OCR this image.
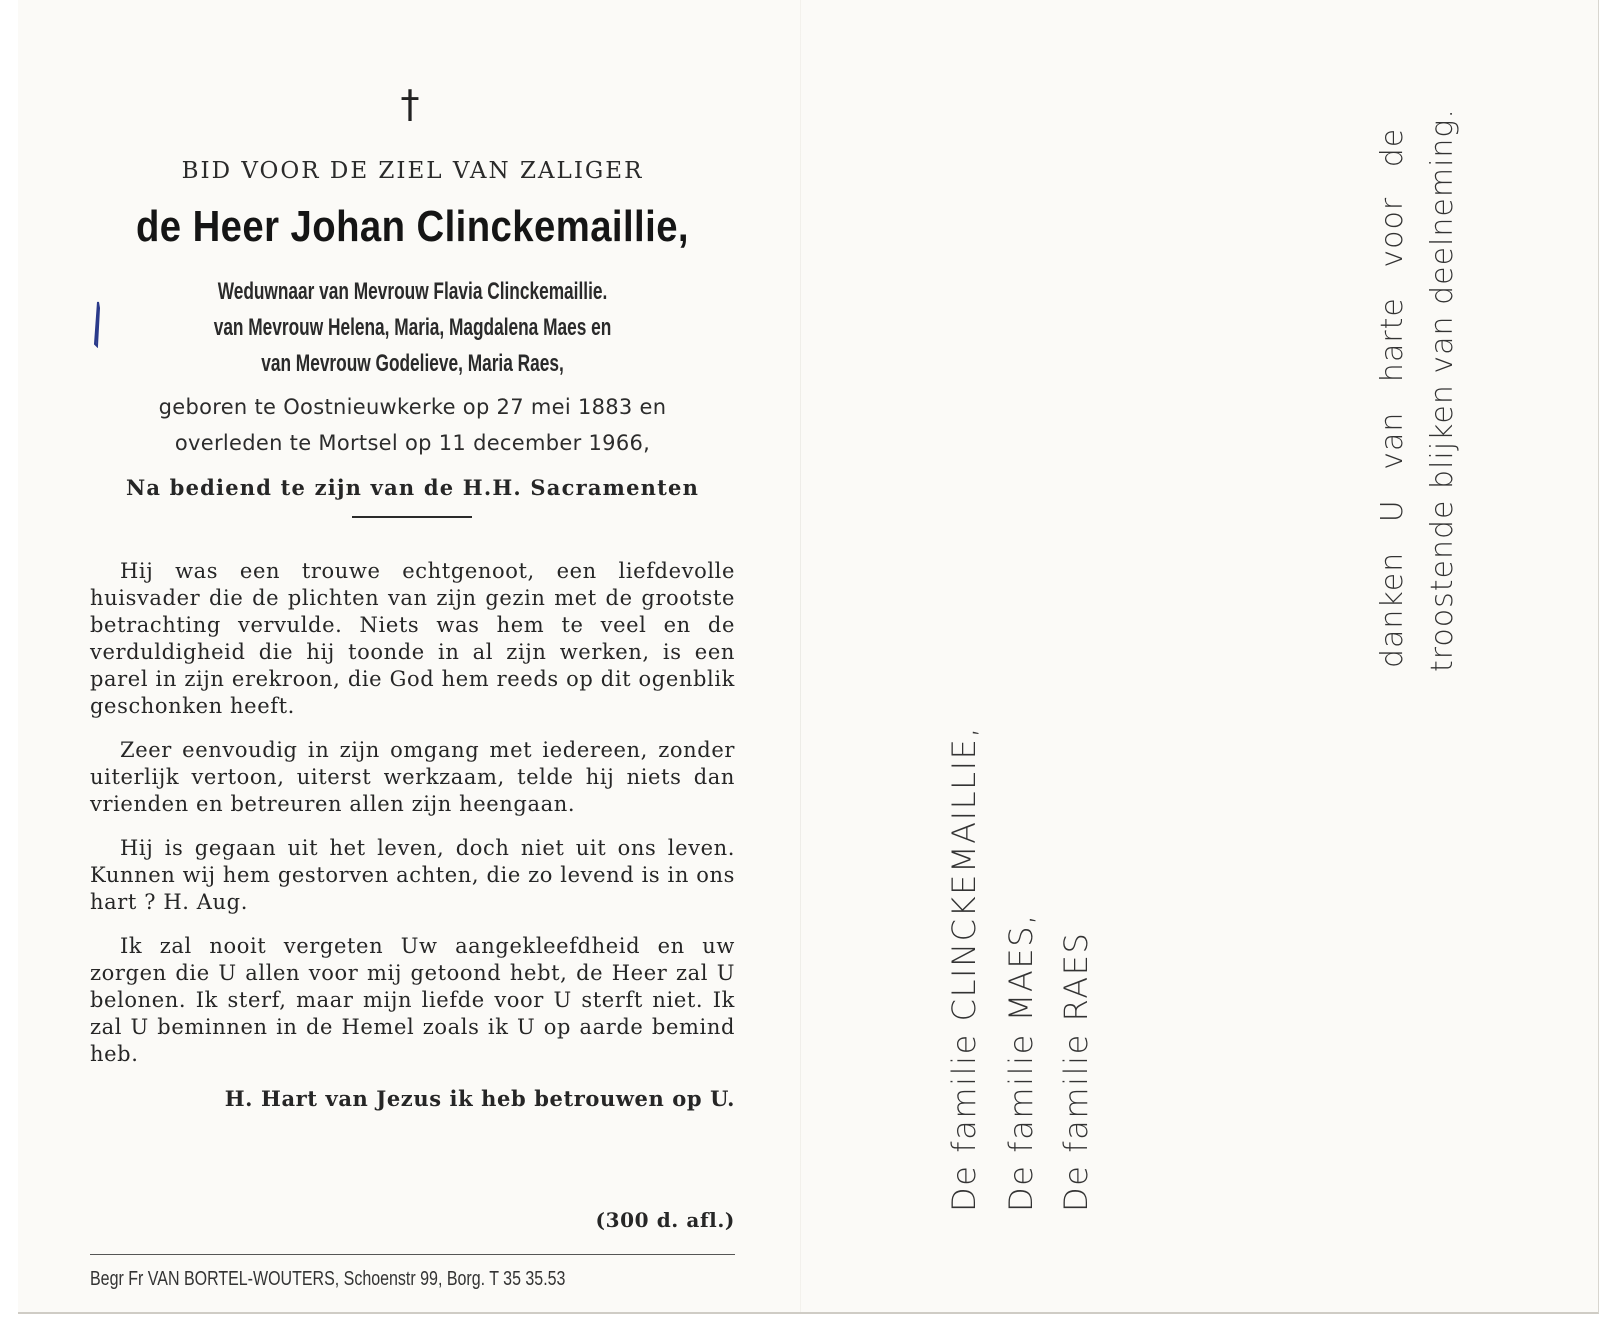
†
BID VOOR DE ZIEL VAN ZALIGER
de Heer Johan Clinckemaillie,
Weduwnaar van Mevrouw Flavia Clinckemaillie.
van Mevrouw Helena, Maria, Magdalena Maes en
van Mevrouw Godelieve, Maria Raes,
geboren te Oostnieuwkerke op 27 mei 1883 en
overleden te Mortsel op 11 december 1966,
Na bediend te zijn van de H.H. Sacramenten

Hij was een trouwe echtgenoot, een liefdevolle huisvader die de plichten van zijn gezin met de grootste betrachting vervulde. Niets was hem te veel en de verduldigheid die hij toonde in al zijn werken, is een parel in zijn erekroon, die God hem reeds op dit ogenblik geschonken heeft.

Zeer eenvoudig in zijn omgang met iedereen, zonder uiterlijk vertoon, uiterst werkzaam, telde hij niets dan vrienden en betreuren allen zijn heengaan.

Hij is gegaan uit het leven, doch niet uit ons leven. Kunnen wij hem gestorven achten, die zo levend is in ons hart ? H. Aug.

Ik zal nooit vergeten Uw aangekleefdheid en uw zorgen die U allen voor mij getoond hebt, de Heer zal U belonen. Ik sterf, maar mijn liefde voor U sterft niet. Ik zal U beminnen in de Hemel zoals ik U op aarde bemind heb.

H. Hart van Jezus ik heb betrouwen op U.

(300 d. afl.)
Begr Fr VAN BORTEL-WOUTERS, Schoenstr 99, Borg. T 35 35.53
De familie CLINCKEMAILLIE, De familie MAES, De familie RAES
danken U van harte voor de troostende blijken van deelneming.
